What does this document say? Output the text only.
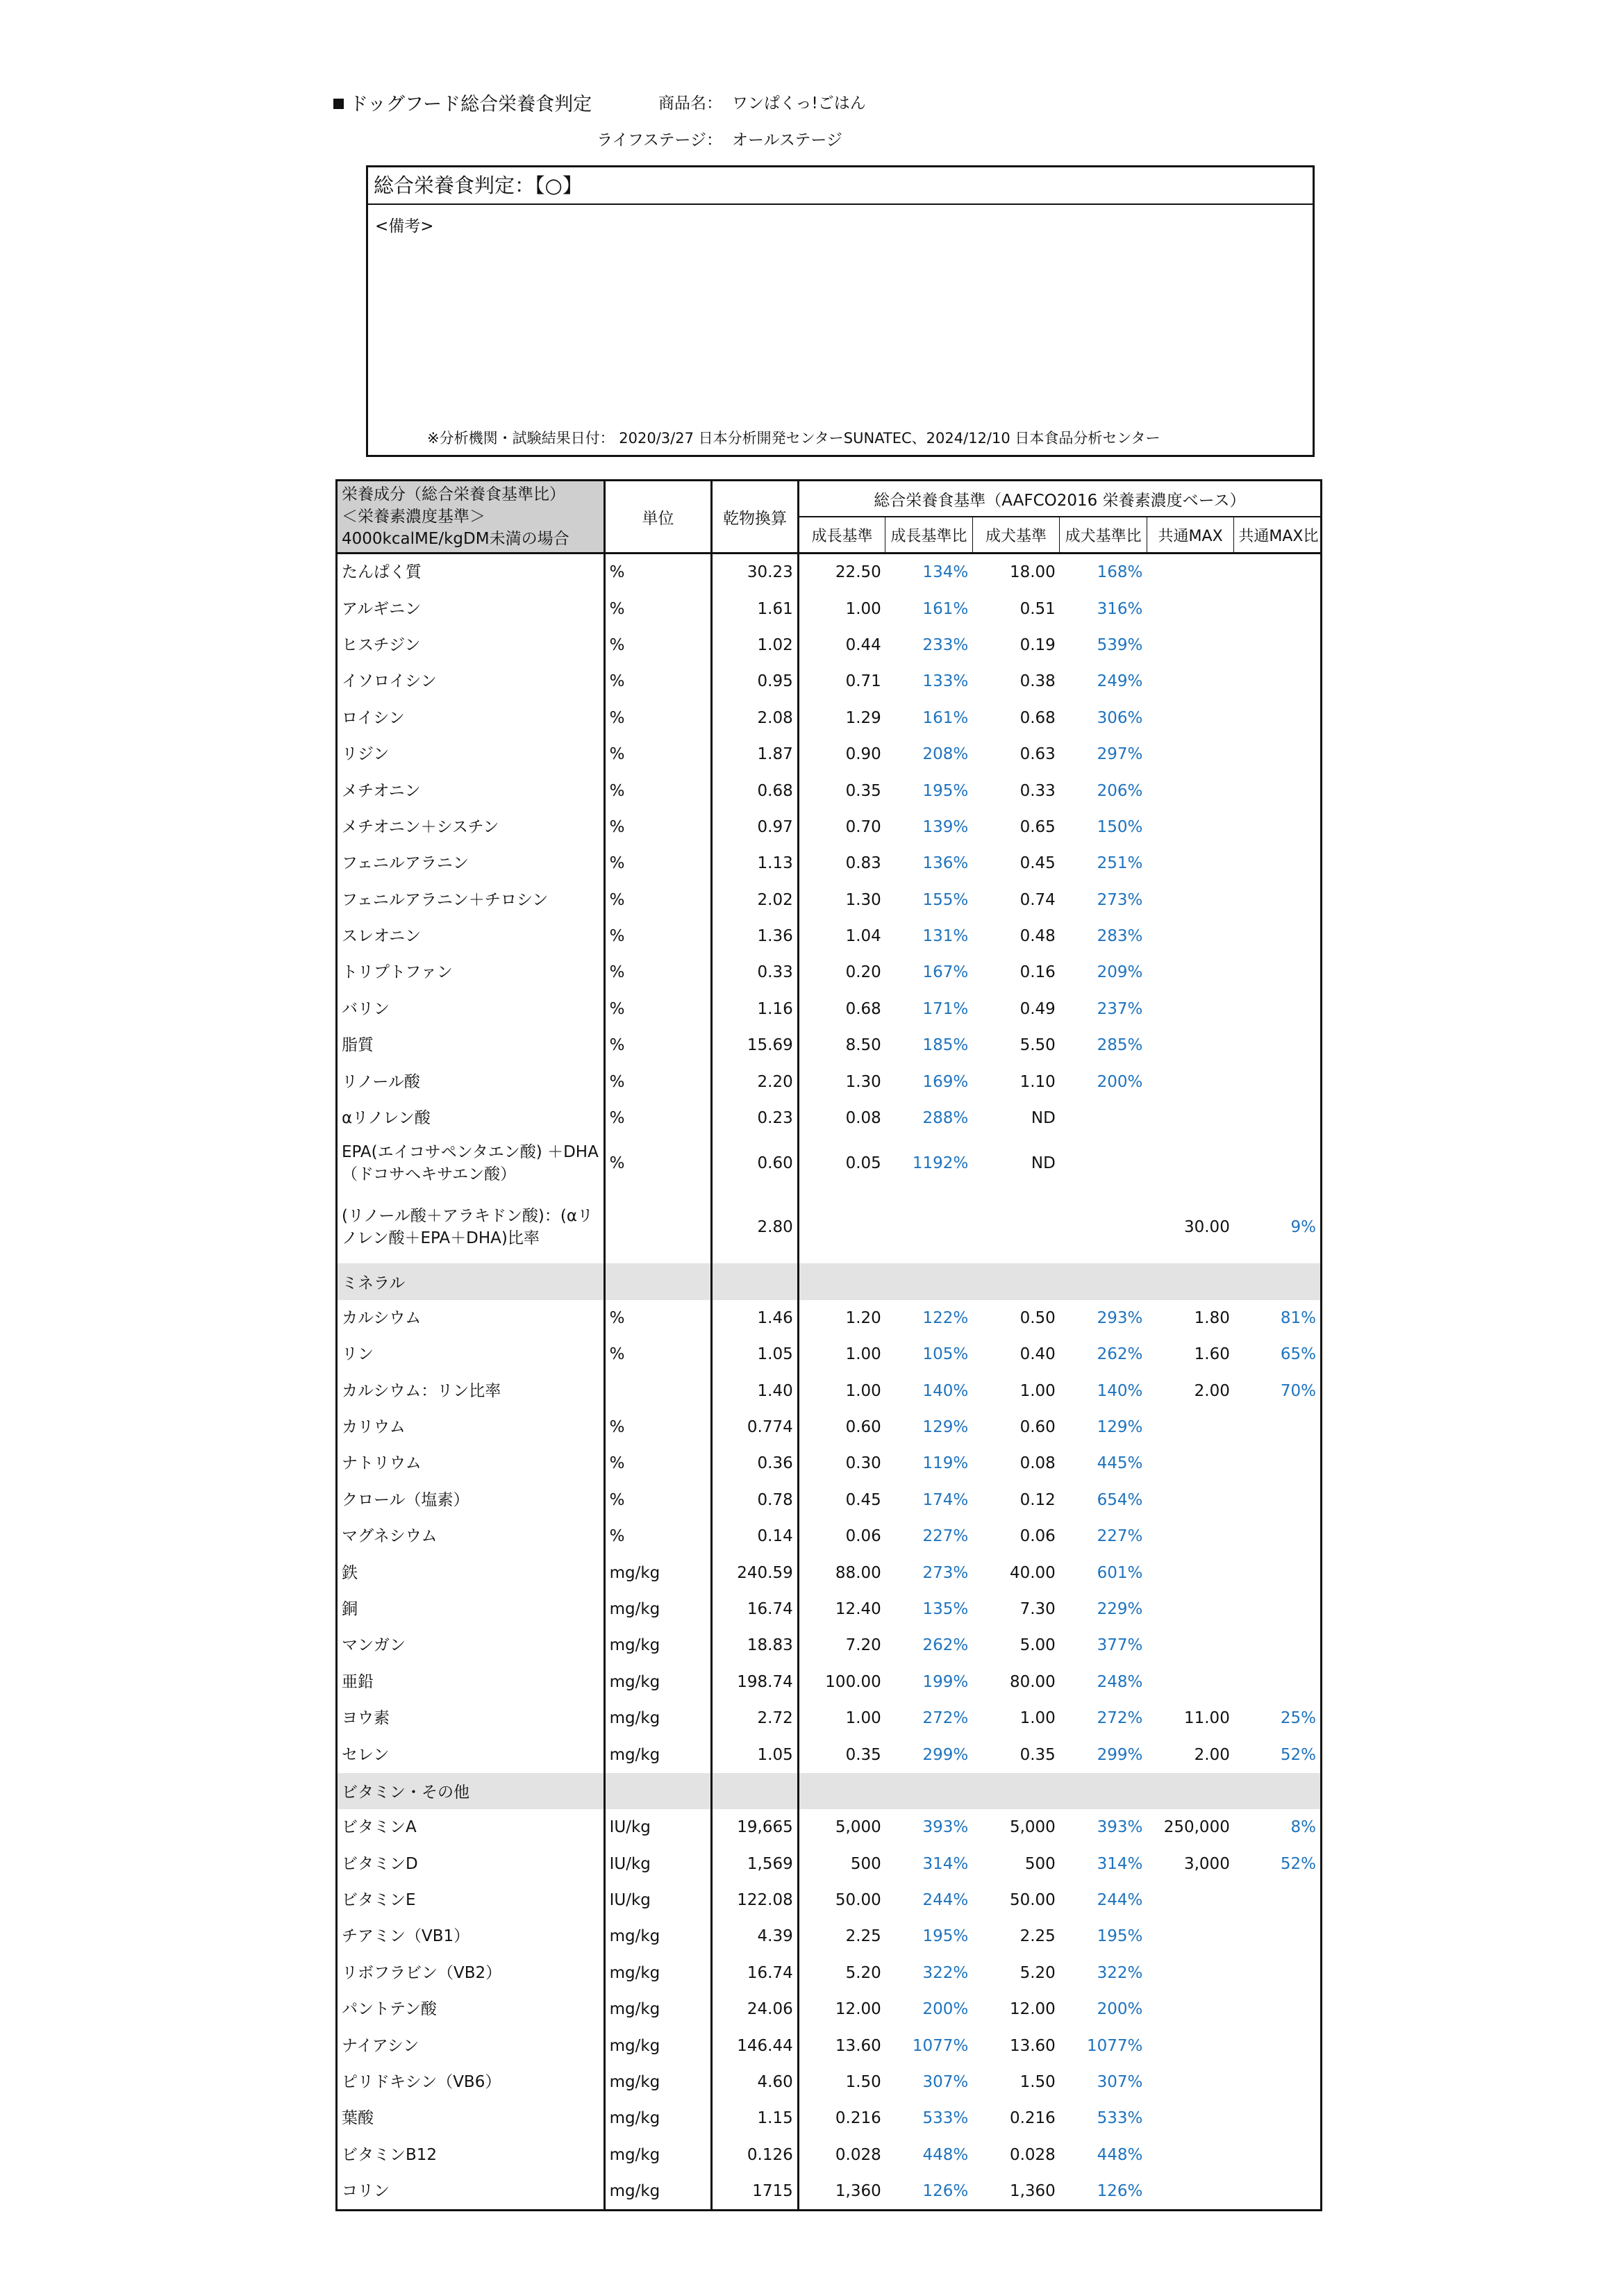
ドッグフード総合栄養食判定	商品名： ワンぱくっ!ごはん
ライフステージ： オールステージ
総合栄養食判定：【○】
<備考>
※分析機関・試験結果日付： 2020/3/27 日本分析開発センターSUNATEC、2024/12/10 日本食品分析センター
栄養成分（総合栄養食基準比）
＜栄養素濃度基準＞
4000kcalME/kgDM未満の場合	単位	乾物換算	総合栄養食基準（AAFCO2016 栄養素濃度ベース）					
			成長基準	成長基準比	成犬基準	成犬基準比	共通MAX	共通MAX比
たんぱく質	%	30.23	22.50	134%	18.00	168%		
アルギニン	%	1.61	1.00	161%	0.51	316%		
ヒスチジン	%	1.02	0.44	233%	0.19	539%		
イソロイシン	%	0.95	0.71	133%	0.38	249%		
ロイシン	%	2.08	1.29	161%	0.68	306%		
リジン	%	1.87	0.90	208%	0.63	297%		
メチオニン	%	0.68	0.35	195%	0.33	206%		
メチオニン＋シスチン	%	0.97	0.70	139%	0.65	150%		
フェニルアラニン	%	1.13	0.83	136%	0.45	251%		
フェニルアラニン＋チロシン	%	2.02	1.30	155%	0.74	273%		
スレオニン	%	1.36	1.04	131%	0.48	283%		
トリプトファン	%	0.33	0.20	167%	0.16	209%		
バリン	%	1.16	0.68	171%	0.49	237%		
脂質	%	15.69	8.50	185%	5.50	285%		
リノール酸	%	2.20	1.30	169%	1.10	200%		
αリノレン酸	%	0.23	0.08	288%	ND			
EPA(エイコサペンタエン酸) ＋DHA（ドコサヘキサエン酸）	%	0.60	0.05	1192%	ND			
(リノール酸＋アラキドン酸)：(αリノレン酸＋EPA＋DHA)比率		2.80					30.00	9%
ミネラル								
カルシウム	%	1.46	1.20	122%	0.50	293%	1.80	81%
リン	%	1.05	1.00	105%	0.40	262%	1.60	65%
カルシウム：リン比率		1.40	1.00	140%	1.00	140%	2.00	70%
カリウム	%	0.774	0.60	129%	0.60	129%		
ナトリウム	%	0.36	0.30	119%	0.08	445%		
クロール（塩素）	%	0.78	0.45	174%	0.12	654%		
マグネシウム	%	0.14	0.06	227%	0.06	227%		
鉄	mg/kg	240.59	88.00	273%	40.00	601%		
銅	mg/kg	16.74	12.40	135%	7.30	229%		
マンガン	mg/kg	18.83	7.20	262%	5.00	377%		
亜鉛	mg/kg	198.74	100.00	199%	80.00	248%		
ヨウ素	mg/kg	2.72	1.00	272%	1.00	272%	11.00	25%
セレン	mg/kg	1.05	0.35	299%	0.35	299%	2.00	52%
ビタミン・その他								
ビタミンA	IU/kg	19,665	5,000	393%	5,000	393%	250,000	8%
ビタミンD	IU/kg	1,569	500	314%	500	314%	3,000	52%
ビタミンE	IU/kg	122.08	50.00	244%	50.00	244%		
チアミン（VB1）	mg/kg	4.39	2.25	195%	2.25	195%		
リボフラビン（VB2）	mg/kg	16.74	5.20	322%	5.20	322%		
パントテン酸	mg/kg	24.06	12.00	200%	12.00	200%		
ナイアシン	mg/kg	146.44	13.60	1077%	13.60	1077%		
ピリドキシン（VB6）	mg/kg	4.60	1.50	307%	1.50	307%		
葉酸	mg/kg	1.15	0.216	533%	0.216	533%		
ビタミンB12	mg/kg	0.126	0.028	448%	0.028	448%		
コリン	mg/kg	1715	1,360	126%	1,360	126%		
